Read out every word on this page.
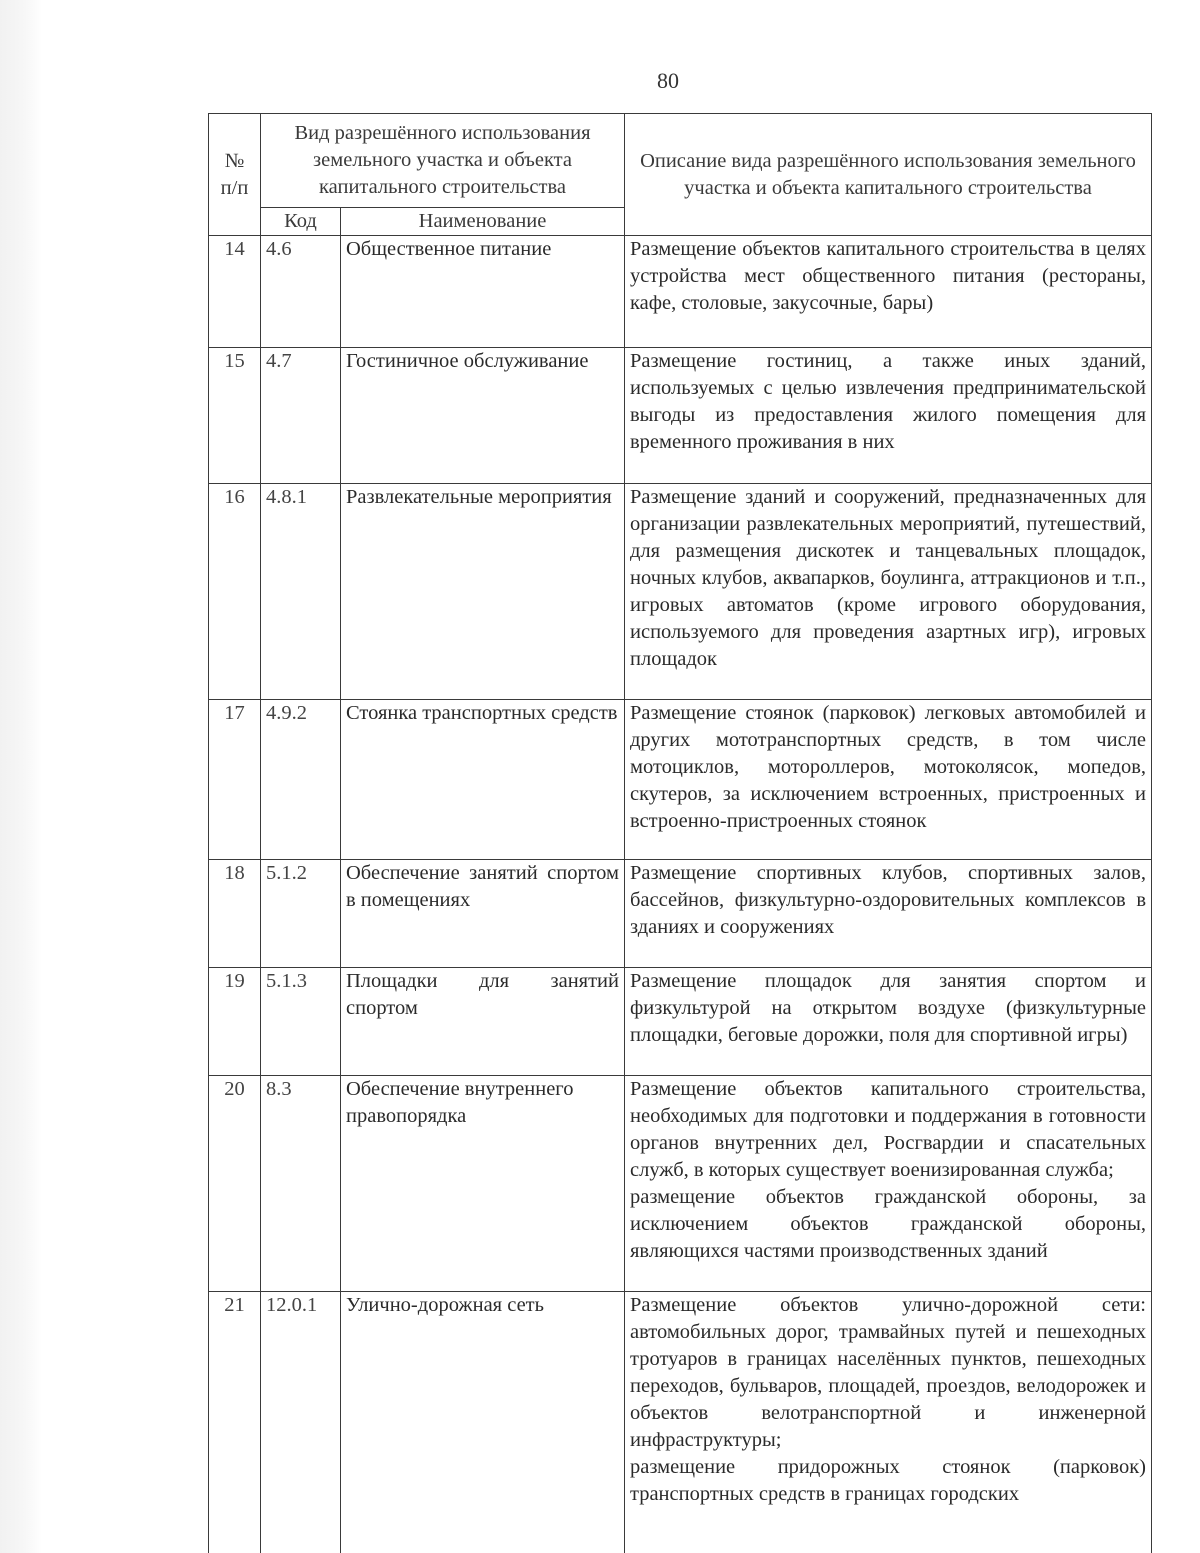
80
№ п/п	Вид разрешённого использования земельного участка и объекта капитального строительства		Описание вида разрешённого использования земельного участка и объекта капитального строительства
	Код	Наименование	
14	4.6	Общественное питание	Размещение объектов капитального строительства в целях устройства мест общественного питания (рестораны, кафе, столовые, закусочные, бары)

15	4.7	Гостиничное обслуживание	Размещение гостиниц, а также иных зданий, используемых с целью извлечения предпринимательской выгоды из предоставления жилого помещения для временного проживания в них

16	4.8.1	Развлекательные мероприятия	Размещение зданий и сооружений, предназначенных для организации развлекательных мероприятий, путешествий, для размещения дискотек и танцевальных площадок, ночных клубов, аквапарков, боулинга, аттракционов и т.п., игровых автоматов (кроме игрового оборудования, используемого для проведения азартных игр), игровых площадок

17	4.9.2	Стоянка транспортных средств	Размещение стоянок (парковок) легковых автомобилей и других мототранспортных средств, в том числе мотоциклов, мотороллеров, мотоколясок, мопедов, скутеров, за исключением встроенных, пристроенных и встроенно-пристроенных стоянок

18	5.1.2	Обеспечение занятий спортом в помещениях	Размещение спортивных клубов, спортивных залов, бассейнов, физкультурно-оздоровительных комплексов в зданиях и сооружениях

19	5.1.3	Площадки для занятий спортом	Размещение площадок для занятия спортом и физкультурой на открытом воздухе (физкультурные площадки, беговые дорожки, поля для спортивной игры)

20	8.3	Обеспечение внутреннего правопорядка	Размещение объектов капитального строительства, необходимых для подготовки и поддержания в готовности органов внутренних дел, Росгвардии и спасательных служб, в которых существует военизированная служба;

размещение объектов гражданской обороны, за исключением объектов гражданской обороны, являющихся частями производственных зданий

21	12.0.1	Улично-дорожная сеть	Размещение объектов улично-дорожной сети: автомобильных дорог, трамвайных путей и пешеходных тротуаров в границах населённых пунктов, пешеходных переходов, бульваров, площадей, проездов, велодорожек и объектов велотранспортной и инженерной инфраструктуры;

размещение придорожных стоянок (парковок) транспортных средств в границах городских
